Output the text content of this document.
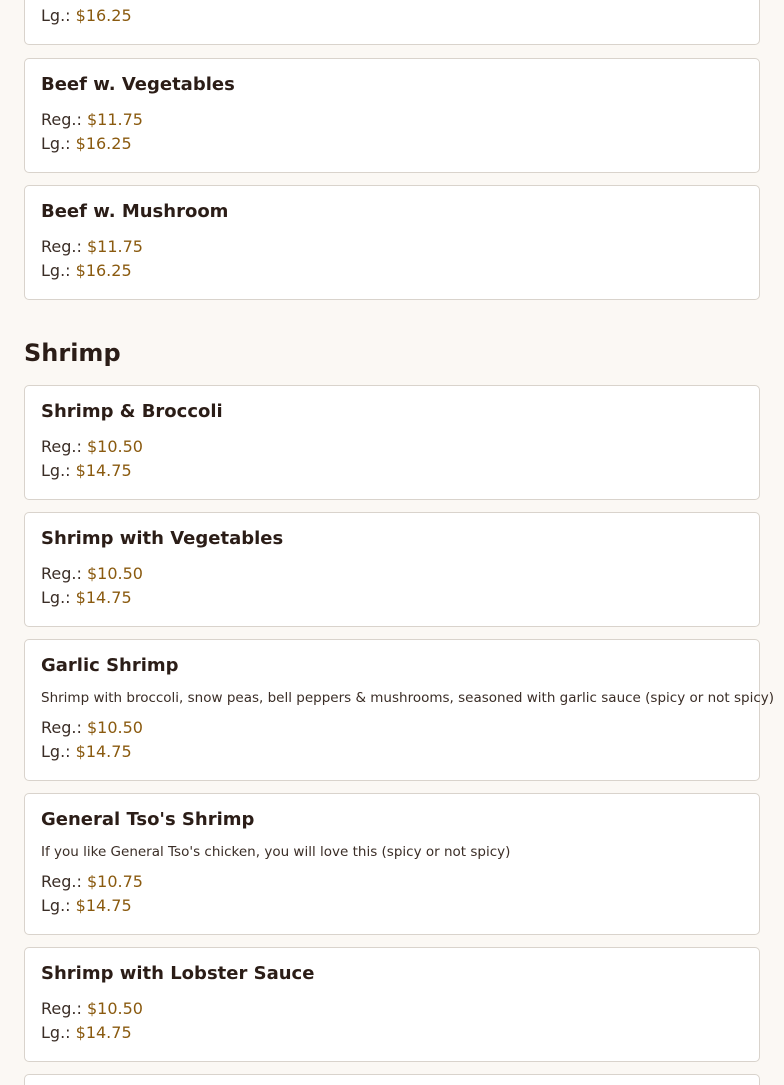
Lg.: $16.25
Beef w. Vegetables
Reg.: $11.75
Lg.: $16.25
Beef w. Mushroom
Reg.: $11.75
Lg.: $16.25
Shrimp
Shrimp & Broccoli
Reg.: $10.50
Lg.: $14.75
Shrimp with Vegetables
Reg.: $10.50
Lg.: $14.75
Garlic Shrimp
Shrimp with broccoli, snow peas, bell peppers & mushrooms, seasoned with garlic sauce (spicy or not spicy)
Reg.: $10.50
Lg.: $14.75
General Tso's Shrimp
If you like General Tso's chicken, you will love this (spicy or not spicy)
Reg.: $10.75
Lg.: $14.75
Shrimp with Lobster Sauce
Reg.: $10.50
Lg.: $14.75
